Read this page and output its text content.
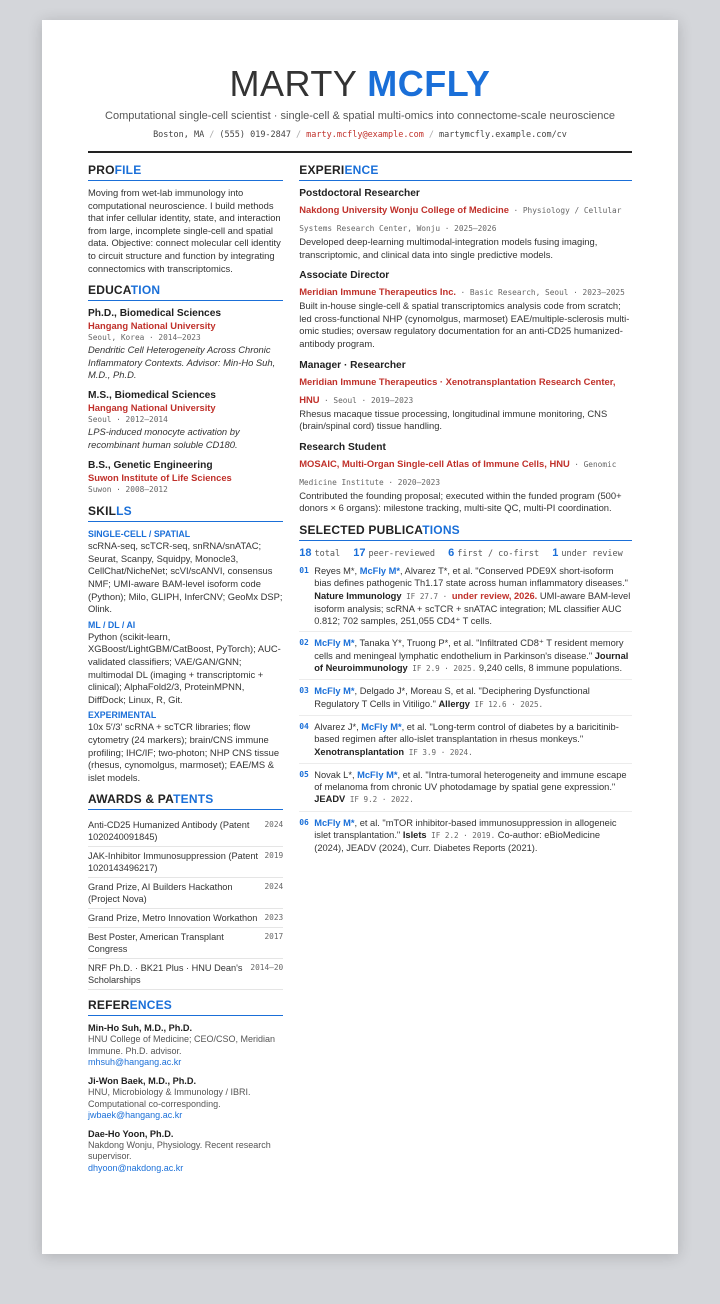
MARTY MCFLY
Computational single-cell scientist · single-cell & spatial multi-omics into connectome-scale neuroscience
Boston, MA / (555) 019-2847 / marty.mcfly@example.com / martymcfly.example.com/cv
PROFILE
Moving from wet-lab immunology into computational neuroscience. I build methods that infer cellular identity, state, and interaction from large, incomplete single-cell and spatial data. Objective: connect molecular cell identity to circuit structure and function by integrating connectomics with transcriptomics.
EDUCATION
Ph.D., Biomedical Sciences
Hangang National University
Seoul, Korea · 2014–2023
Dendritic Cell Heterogeneity Across Chronic Inflammatory Contexts. Advisor: Min-Ho Suh, M.D., Ph.D.
M.S., Biomedical Sciences
Hangang National University
Seoul · 2012–2014
LPS-induced monocyte activation by recombinant human soluble CD180.
B.S., Genetic Engineering
Suwon Institute of Life Sciences
Suwon · 2008–2012
SKILLS
SINGLE-CELL / SPATIAL
scRNA-seq, scTCR-seq, snRNA/snATAC; Seurat, Scanpy, Squidpy, Monocle3, CellChat/NicheNet; scVI/scANVI, consensus NMF; UMI-aware BAM-level isoform code (Python); Milo, GLIPH, InferCNV; GeoMx DSP; Olink.
ML / DL / AI
Python (scikit-learn, XGBoost/LightGBM/CatBoost, PyTorch); AUC-validated classifiers; VAE/GAN/GNN; multimodal DL (imaging + transcriptomic + clinical); AlphaFold2/3, ProteinMPNN, DiffDock; Linux, R, Git.
EXPERIMENTAL
10x 5′/3′ scRNA + scTCR libraries; flow cytometry (24 markers); brain/CNS immune profiling; IHC/IF; two-photon; NHP CNS tissue (rhesus, cynomolgus, marmoset); EAE/MS & islet models.
AWARDS & PATENTS
Anti-CD25 Humanized Antibody (Patent 1020240091845)
2024
JAK-Inhibitor Immunosuppression (Patent 1020143496217)
2019
Grand Prize, AI Builders Hackathon (Project Nova)
2024
Grand Prize, Metro Innovation Workathon 2023
Best Poster, American Transplant Congress
2017
NRF Ph.D. · BK21 Plus · HNU Dean's Scholarships
2014–20
REFERENCES
Min-Ho Suh, M.D., Ph.D.
HNU College of Medicine; CEO/CSO, Meridian Immune. Ph.D. advisor.
mhsuh@hangang.ac.kr
Ji-Won Baek, M.D., Ph.D.
HNU, Microbiology & Immunology / IBRI. Computational co-corresponding.
jwbaek@hangang.ac.kr
Dae-Ho Yoon, Ph.D.
Nakdong Wonju, Physiology. Recent research supervisor.
dhyoon@nakdong.ac.kr
EXPERIENCE
Postdoctoral Researcher
Nakdong University Wonju College of Medicine · Physiology / Cellular Systems Research Center, Wonju · 2025–2026
Developed deep-learning multimodal-integration models fusing imaging, transcriptomic, and clinical data into single predictive models.
Associate Director
Meridian Immune Therapeutics Inc. · Basic Research, Seoul · 2023–2025
Built in-house single-cell & spatial transcriptomics analysis code from scratch; led cross-functional NHP (cynomolgus, marmoset) EAE/multiple-sclerosis multi-omic studies; oversaw regulatory documentation for an anti-CD25 humanized-antibody program.
Manager · Researcher
Meridian Immune Therapeutics · Xenotransplantation Research Center, HNU · Seoul · 2019–2023
Rhesus macaque tissue processing, longitudinal immune monitoring, CNS (brain/spinal cord) tissue handling.
Research Student
MOSAIC, Multi-Organ Single-cell Atlas of Immune Cells, HNU · Genomic Medicine Institute · 2020–2023
Contributed the founding proposal; executed within the funded program (500+ donors × 6 organs): milestone tracking, multi-site QC, multi-PI coordination.
SELECTED PUBLICATIONS
18 total 17 peer-reviewed 6 first / co-first 1 under review
01 Reyes M*, McFly M*, Alvarez T*, et al. "Conserved PDE9X short-isoform bias defines pathogenic Th1.17 state across human inflammatory diseases." Nature Immunology IF 27.7 · under review, 2026. UMI-aware BAM-level isoform analysis; scRNA + scTCR + snATAC integration; ML classifier AUC 0.812; 702 samples, 251,055 CD4⁺ T cells.
02 McFly M*, Tanaka Y*, Truong P*, et al. "Infiltrated CD8⁺ T resident memory cells and meningeal lymphatic endothelium in Parkinson's disease." Journal of Neuroimmunology IF 2.9 · 2025. 9,240 cells, 8 immune populations.
03 McFly M*, Delgado J*, Moreau S, et al. "Deciphering Dysfunctional Regulatory T Cells in Vitiligo." Allergy IF 12.6 · 2025.
04 Alvarez J*, McFly M*, et al. "Long-term control of diabetes by a baricitinib-based regimen after allo-islet transplantation in rhesus monkeys." Xenotransplantation IF 3.9 · 2024.
05 Novak L*, McFly M*, et al. "Intra-tumoral heterogeneity and immune escape of melanoma from chronic UV photodamage by spatial gene expression." JEADV IF 9.2 · 2022.
06 McFly M*, et al. "mTOR inhibitor-based immunosuppression in allogeneic islet transplantation." Islets IF 2.2 · 2019. Co-author: eBioMedicine (2024), JEADV (2024), Curr. Diabetes Reports (2021).
